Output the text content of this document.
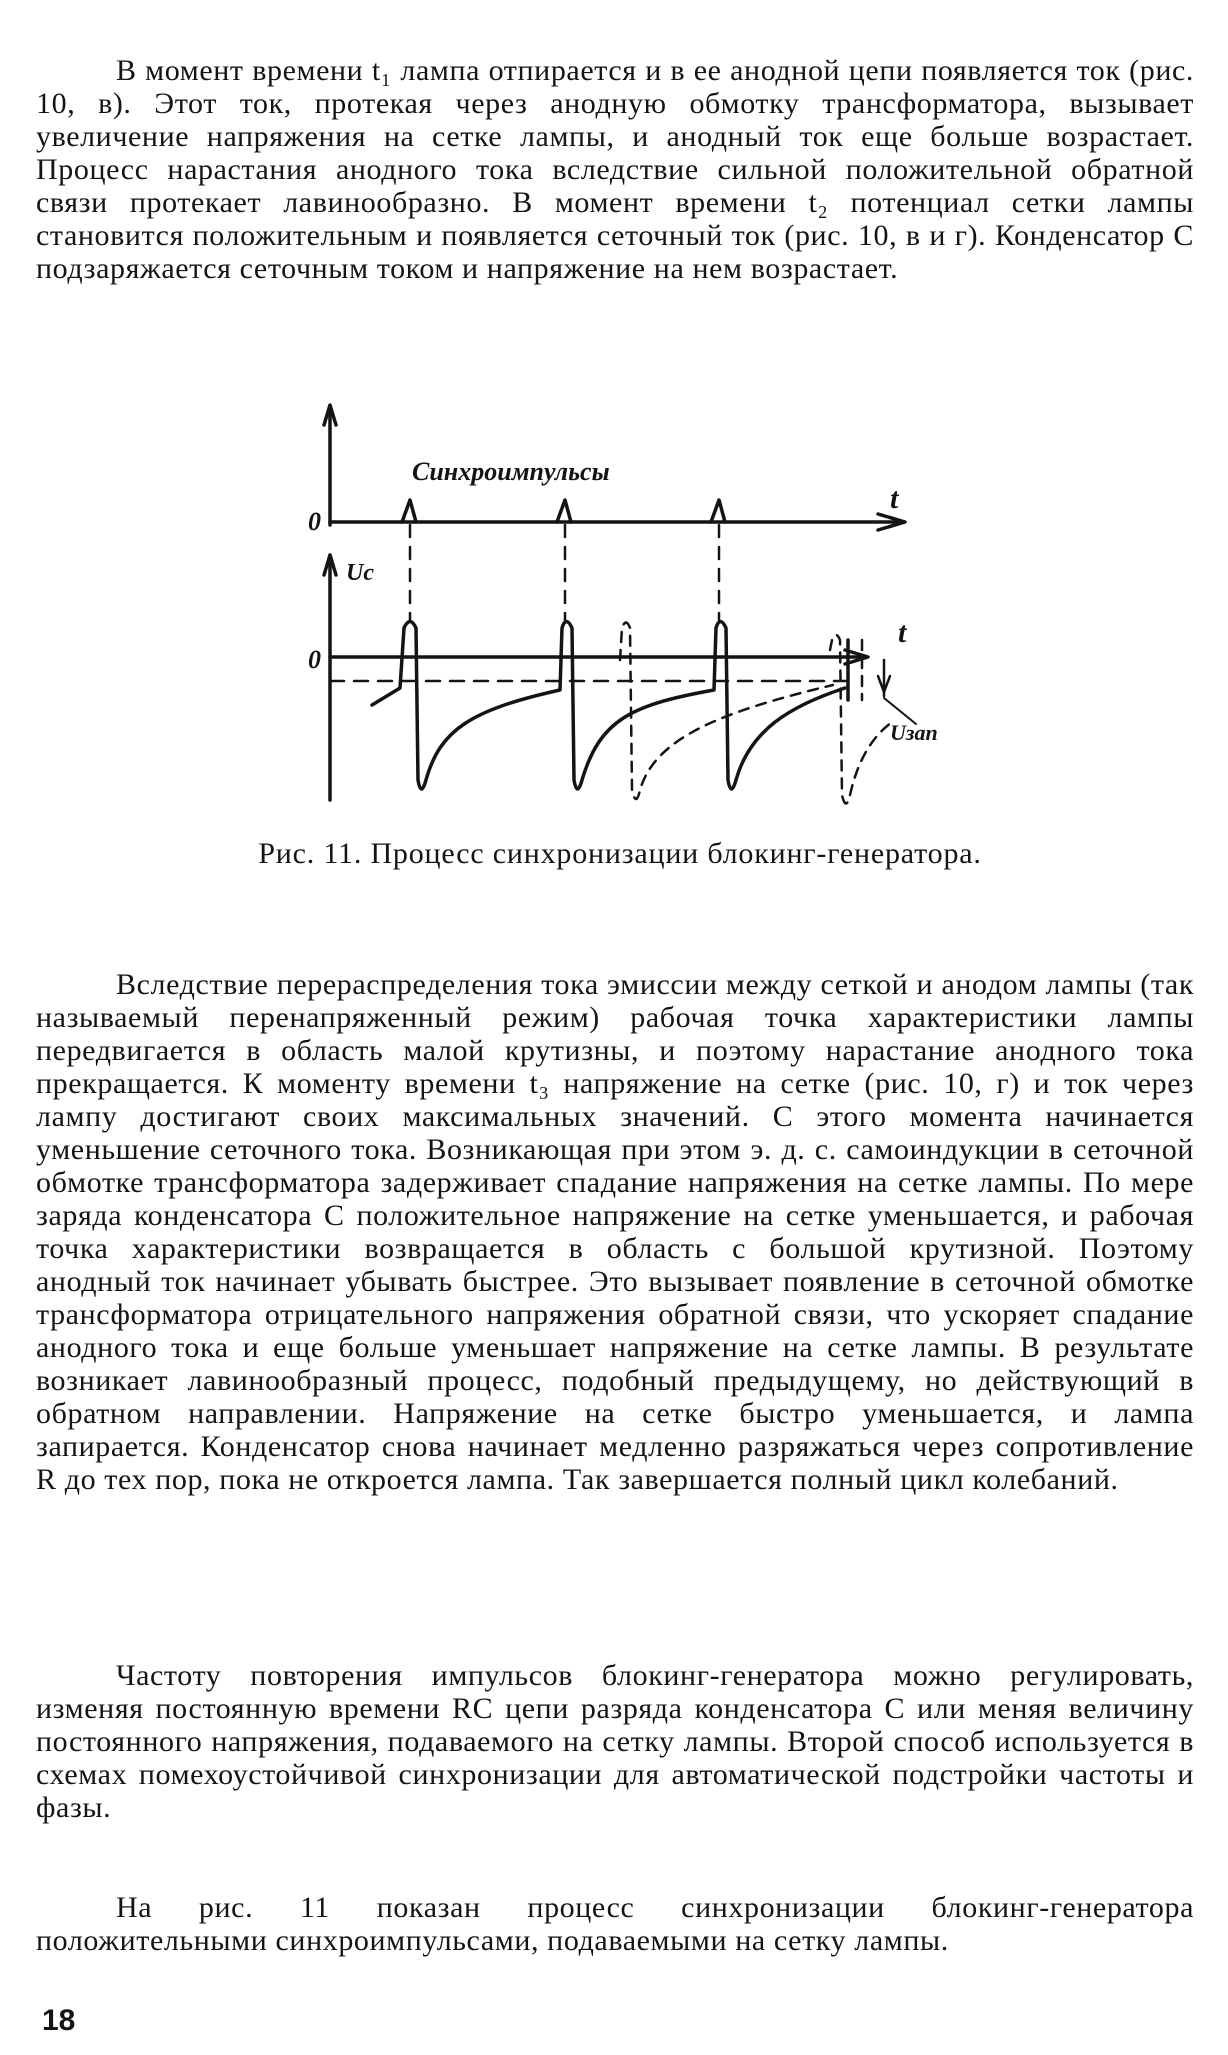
В момент времени t₁ лампа отпирается и в ее анодной цепи появляется ток (рис. 10, в). Этот ток, протекая через анодную обмотку трансформатора, вызывает увеличение напряжения на сетке лампы, и анодный ток еще больше возрастает. Процесс нарастания анодного тока вследствие сильной положительной обратной связи протекает лавинообразно. В момент времени t₂ потенциал сетки лампы становится положительным и появляется сеточный ток (рис. 10, в и г). Конденсатор C подзаряжается сеточным током и напряжение на нем возрастает.

Синхроимпульсы
0
t
Uc
0
t
Uзап

Рис. 11. Процесс синхронизации блокинг-генератора.

Вследствие перераспределения тока эмиссии между сеткой и анодом лампы (так называемый перенапряженный режим) рабочая точка характеристики лампы передвигается в область малой крутизны, и поэтому нарастание анодного тока прекращается. К моменту времени t₃ напряжение на сетке (рис. 10, г) и ток через лампу достигают своих максимальных значений. С этого момента начинается уменьшение сеточного тока. Возникающая при этом э. д. с. самоиндукции в сеточной обмотке трансформатора задерживает спадание напряжения на сетке лампы. По мере заряда конденсатора C положительное напряжение на сетке уменьшается, и рабочая точка характеристики возвращается в область с большой крутизной. Поэтому анодный ток начинает убывать быстрее. Это вызывает появление в сеточной обмотке трансформатора отрицательного напряжения обратной связи, что ускоряет спадание анодного тока и еще больше уменьшает напряжение на сетке лампы. В результате возникает лавинообразный процесс, подобный предыдущему, но действующий в обратном направлении. Напряжение на сетке быстро уменьшается, и лампа запирается. Конденсатор снова начинает медленно разряжаться через сопротивление R до тех пор, пока не откроется лампа. Так завершается полный цикл колебаний.

Частоту повторения импульсов блокинг-генератора можно регулировать, изменяя постоянную времени RC цепи разряда конденсатора C или меняя величину постоянного напряжения, подаваемого на сетку лампы. Второй способ используется в схемах помехоустойчивой синхронизации для автоматической подстройки частоты и фазы.

На рис. 11 показан процесс синхронизации блокинг-генератора положительными синхроимпульсами, подаваемыми на сетку лампы.

18
